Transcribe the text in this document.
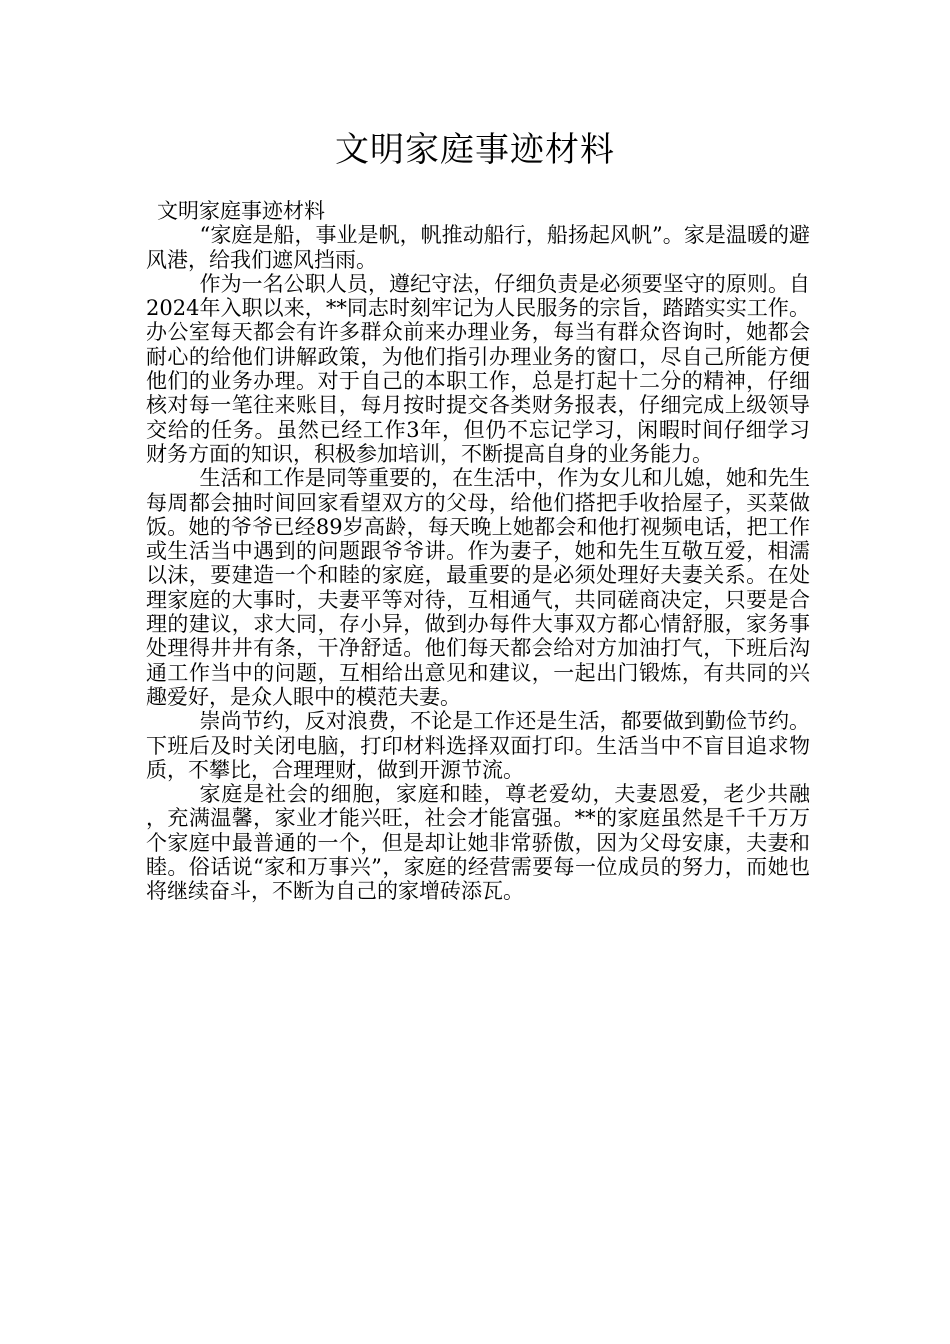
文明家庭事迹材料

文明家庭事迹材料

“家庭是船，事业是帆，帆推动船行，船扬起风帆”。家是温暖的避风港，给我们遮风挡雨。

作为一名公职人员，遵纪守法，仔细负责是必须要坚守的原则。自2024年入职以来，**同志时刻牢记为人民服务的宗旨，踏踏实实工作。办公室每天都会有许多群众前来办理业务，每当有群众咨询时，她都会耐心的给他们讲解政策，为他们指引办理业务的窗口，尽自己所能方便他们的业务办理。对于自己的本职工作，总是打起十二分的精神，仔细核对每一笔往来账目，每月按时提交各类财务报表，仔细完成上级领导交给的任务。虽然已经工作3年，但仍不忘记学习，闲暇时间仔细学习财务方面的知识，积极参加培训，不断提高自身的业务能力。

生活和工作是同等重要的，在生活中，作为女儿和儿媳，她和先生每周都会抽时间回家看望双方的父母，给他们搭把手收拾屋子，买菜做饭。她的爷爷已经89岁高龄，每天晚上她都会和他打视频电话，把工作或生活当中遇到的问题跟爷爷讲。作为妻子，她和先生互敬互爱，相濡以沫，要建造一个和睦的家庭，最重要的是必须处理好夫妻关系。在处理家庭的大事时，夫妻平等对待，互相通气，共同磋商决定，只要是合理的建议，求大同，存小异，做到办每件大事双方都心情舒服，家务事处理得井井有条，干净舒适。他们每天都会给对方加油打气，下班后沟通工作当中的问题，互相给出意见和建议，一起出门锻炼，有共同的兴趣爱好，是众人眼中的模范夫妻。

崇尚节约，反对浪费，不论是工作还是生活，都要做到勤俭节约。下班后及时关闭电脑，打印材料选择双面打印。生活当中不盲目追求物质，不攀比，合理理财，做到开源节流。

家庭是社会的细胞，家庭和睦，尊老爱幼，夫妻恩爱，老少共融 ，充满温馨，家业才能兴旺，社会才能富强。**的家庭虽然是千千万万个家庭中最普通的一个，但是却让她非常骄傲，因为父母安康，夫妻和睦。俗话说“家和万事兴”，家庭的经营需要每一位成员的努力，而她也将继续奋斗，不断为自己的家增砖添瓦。
